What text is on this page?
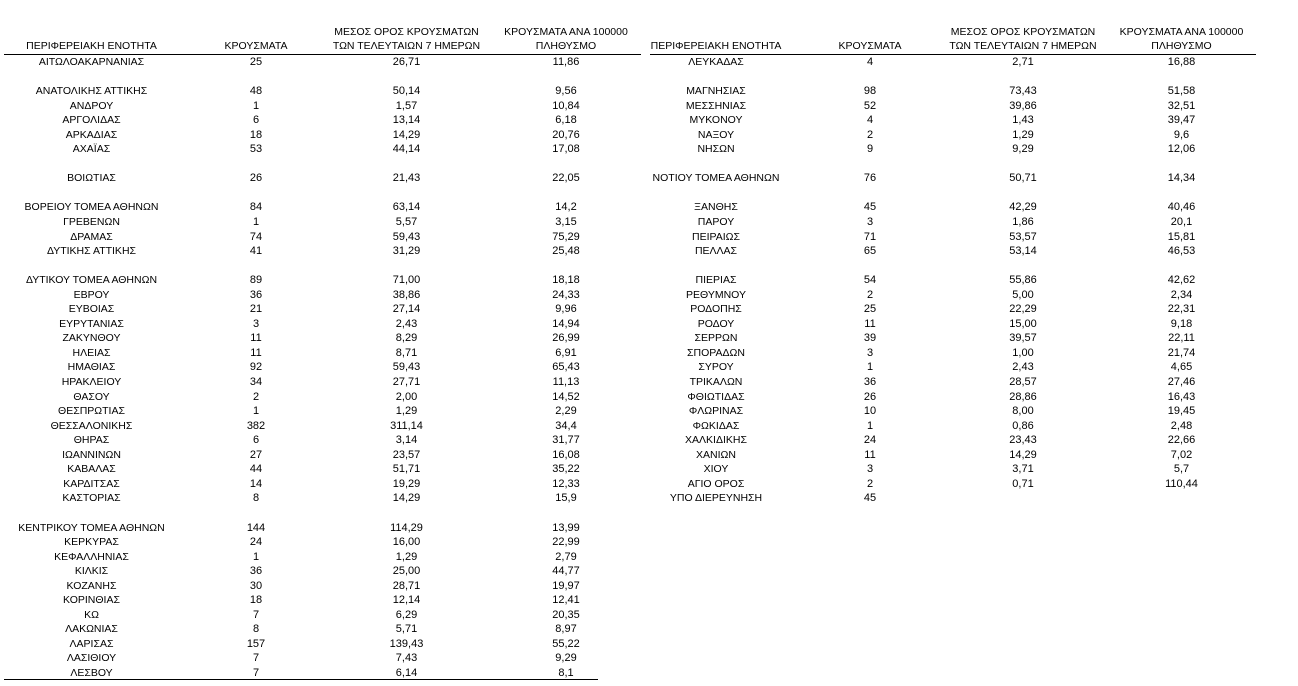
ΠΕΡΙΦΕΡΕΙΑΚΗ ΕΝΟΤΗΤΑ	ΚΡΟΥΣΜΑΤΑ
ΜΕΣΟΣ ΟΡΟΣ ΚΡΟΥΣΜΑΤΩΝ
ΤΩΝ ΤΕΛΕΥΤΑΙΩΝ 7 ΗΜΕΡΩΝ
ΚΡΟΥΣΜΑΤΑ ΑΝΑ 100000
ΠΛΗΘΥΣΜΟ
ΑΙΤΩΛΟΑΚΑΡΝΑΝΙΑΣ	25	26,71	11,86
ΑΝΑΤΟΛΙΚΗΣ ΑΤΤΙΚΗΣ	48	50,14	9,56
ΑΝΔΡΟΥ	1	1,57	10,84
ΑΡΓΟΛΙΔΑΣ	6	13,14	6,18
ΑΡΚΑΔΙΑΣ	18	14,29	20,76
ΑΧΑΪΑΣ	53	44,14	17,08
ΒΟΙΩΤΙΑΣ	26	21,43	22,05
ΒΟΡΕΙΟΥ ΤΟΜΕΑ ΑΘΗΝΩΝ	84	63,14	14,2
ΓΡΕΒΕΝΩΝ	1	5,57	3,15
ΔΡΑΜΑΣ	74	59,43	75,29
ΔΥΤΙΚΗΣ ΑΤΤΙΚΗΣ	41	31,29	25,48
ΔΥΤΙΚΟΥ ΤΟΜΕΑ ΑΘΗΝΩΝ	89	71,00	18,18
ΕΒΡΟΥ	36	38,86	24,33
ΕΥΒΟΙΑΣ	21	27,14	9,96
ΕΥΡΥΤΑΝΙΑΣ	3	2,43	14,94
ΖΑΚΥΝΘΟΥ	11	8,29	26,99
ΗΛΕΙΑΣ	11	8,71	6,91
ΗΜΑΘΙΑΣ	92	59,43	65,43
ΗΡΑΚΛΕΙΟΥ	34	27,71	11,13
ΘΑΣΟΥ	2	2,00	14,52
ΘΕΣΠΡΩΤΙΑΣ	1	1,29	2,29
ΘΕΣΣΑΛΟΝΙΚΗΣ	382	311,14	34,4
ΘΗΡΑΣ	6	3,14	31,77
ΙΩΑΝΝΙΝΩΝ	27	23,57	16,08
ΚΑΒΑΛΑΣ	44	51,71	35,22
ΚΑΡΔΙΤΣΑΣ	14	19,29	12,33
ΚΑΣΤΟΡΙΑΣ	8	14,29	15,9
ΚΕΝΤΡΙΚΟΥ ΤΟΜΕΑ ΑΘΗΝΩΝ	144	114,29	13,99
ΚΕΡΚΥΡΑΣ	24	16,00	22,99
ΚΕΦΑΛΛΗΝΙΑΣ	1	1,29	2,79
ΚΙΛΚΙΣ	36	25,00	44,77
ΚΟΖΑΝΗΣ	30	28,71	19,97
ΚΟΡΙΝΘΙΑΣ	18	12,14	12,41
ΚΩ	7	6,29	20,35
ΛΑΚΩΝΙΑΣ	8	5,71	8,97
ΛΑΡΙΣΑΣ	157	139,43	55,22
ΛΑΣΙΘΙΟΥ	7	7,43	9,29
ΛΕΣΒΟΥ	7	6,14	8,1
ΠΕΡΙΦΕΡΕΙΑΚΗ ΕΝΟΤΗΤΑ	ΚΡΟΥΣΜΑΤΑ
ΜΕΣΟΣ ΟΡΟΣ ΚΡΟΥΣΜΑΤΩΝ
ΤΩΝ ΤΕΛΕΥΤΑΙΩΝ 7 ΗΜΕΡΩΝ
ΚΡΟΥΣΜΑΤΑ ΑΝΑ 100000
ΠΛΗΘΥΣΜΟ
ΛΕΥΚΑΔΑΣ	4	2,71	16,88
ΜΑΓΝΗΣΙΑΣ	98	73,43	51,58
ΜΕΣΣΗΝΙΑΣ	52	39,86	32,51
ΜΥΚΟΝΟΥ	4	1,43	39,47
ΝΑΞΟΥ	2	1,29	9,6
ΝΗΣΩΝ	9	9,29	12,06
ΝΟΤΙΟΥ ΤΟΜΕΑ ΑΘΗΝΩΝ	76	50,71	14,34
ΞΑΝΘΗΣ	45	42,29	40,46
ΠΑΡΟΥ	3	1,86	20,1
ΠΕΙΡΑΙΩΣ	71	53,57	15,81
ΠΕΛΛΑΣ	65	53,14	46,53
ΠΙΕΡΙΑΣ	54	55,86	42,62
ΡΕΘΥΜΝΟΥ	2	5,00	2,34
ΡΟΔΟΠΗΣ	25	22,29	22,31
ΡΟΔΟΥ	11	15,00	9,18
ΣΕΡΡΩΝ	39	39,57	22,11
ΣΠΟΡΑΔΩΝ	3	1,00	21,74
ΣΥΡΟΥ	1	2,43	4,65
ΤΡΙΚΑΛΩΝ	36	28,57	27,46
ΦΘΙΩΤΙΔΑΣ	26	28,86	16,43
ΦΛΩΡΙΝΑΣ	10	8,00	19,45
ΦΩΚΙΔΑΣ	1	0,86	2,48
ΧΑΛΚΙΔΙΚΗΣ	24	23,43	22,66
ΧΑΝΙΩΝ	11	14,29	7,02
ΧΙΟΥ	3	3,71	5,7
ΑΓΙΟ ΟΡΟΣ	2	0,71	110,44
ΥΠΟ ΔΙΕΡΕΥΝΗΣΗ	45
